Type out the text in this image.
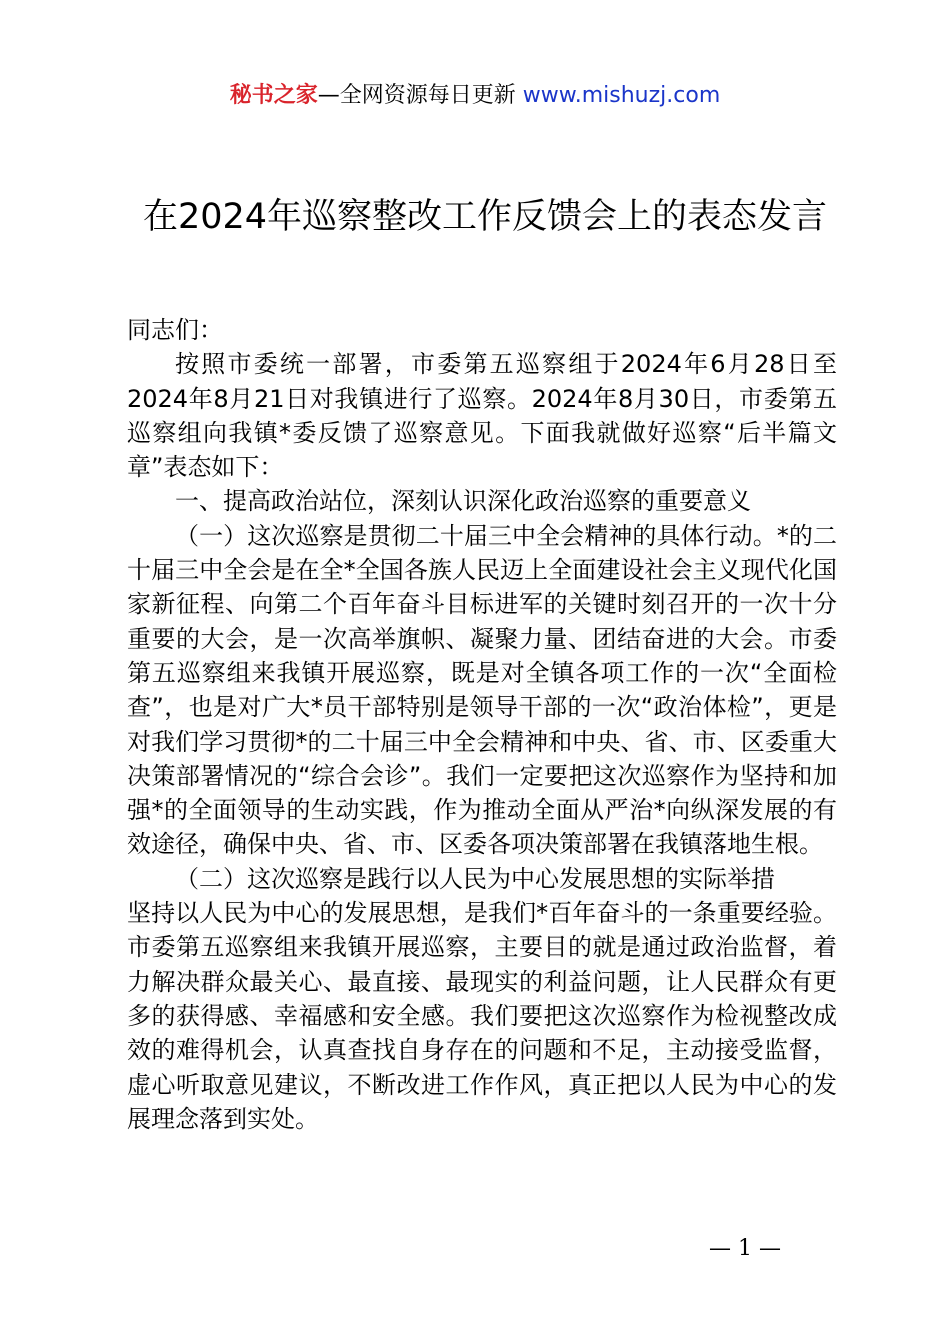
秘书之家—全网资源每日更新 www.mishuzj.com
在2024年巡察整改工作反馈会上的表态发言

同志们：

按照市委统一部署，市委第五巡察组于2024年6月28日至2024年8月21日对我镇进行了巡察。2024年8月30日，市委第五巡察组向我镇*委反馈了巡察意见。下面我就做好巡察“后半篇文章”表态如下：

一、提高政治站位，深刻认识深化政治巡察的重要意义

（一）这次巡察是贯彻二十届三中全会精神的具体行动。*的二十届三中全会是在全*全国各族人民迈上全面建设社会主义现代化国家新征程、向第二个百年奋斗目标进军的关键时刻召开的一次十分重要的大会，是一次高举旗帜、凝聚力量、团结奋进的大会。市委第五巡察组来我镇开展巡察，既是对全镇各项工作的一次“全面检查”，也是对广大*员干部特别是领导干部的一次“政治体检”，更是对我们学习贯彻*的二十届三中全会精神和中央、省、市、区委重大决策部署情况的“综合会诊”。我们一定要把这次巡察作为坚持和加强*的全面领导的生动实践，作为推动全面从严治*向纵深发展的有效途径，确保中央、省、市、区委各项决策部署在我镇落地生根。

（二）这次巡察是践行以人民为中心发展思想的实际举措

坚持以人民为中心的发展思想，是我们*百年奋斗的一条重要经验。市委第五巡察组来我镇开展巡察，主要目的就是通过政治监督，着力解决群众最关心、最直接、最现实的利益问题，让人民群众有更多的获得感、幸福感和安全感。我们要把这次巡察作为检视整改成效的难得机会，认真查找自身存在的问题和不足，主动接受监督，虚心听取意见建议，不断改进工作作风，真正把以人民为中心的发展理念落到实处。

— 1 —
